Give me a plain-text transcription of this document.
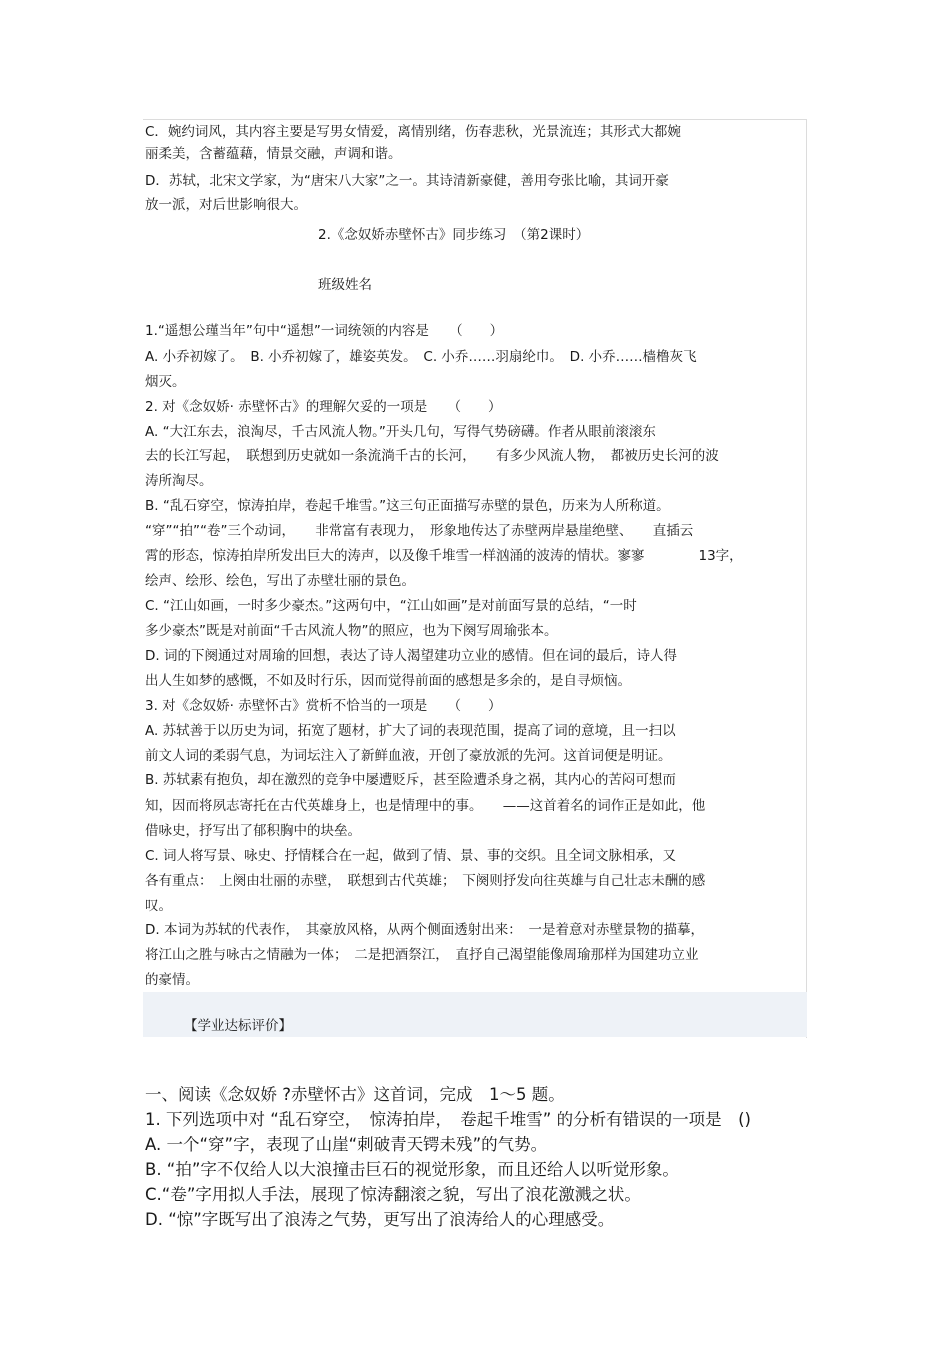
C．婉约词风，其内容主要是写男女情爱，离情别绪，伤春悲秋，光景流连；其形式大都婉
丽柔美，含蓄蕴藉，情景交融，声调和谐。
D．苏轼，北宋文学家，为“唐宋八大家”之一。其诗清新豪健，善用夸张比喻，其词开豪
放一派，对后世影响很大。
2.《念奴娇赤壁怀古》同步练习　（第2课时）
班级姓名
1.“遥想公瑾当年”句中“遥想”一词统领的内容是　　（　　）
A. 小乔初嫁了。　B. 小乔初嫁了，雄姿英发。　C. 小乔……羽扇纶巾。　D. 小乔……樯橹灰飞
烟灭。
2. 对《念奴娇· 赤壁怀古》的理解欠妥的一项是　　（　　）
A. “大江东去，浪淘尽，千古风流人物。”开头几句，写得气势磅礴。作者从眼前滚滚东
去的长江写起，　联想到历史就如一条流淌千古的长河，　　有多少风流人物，　都被历史长河的波
涛所淘尽。
B. “乱石穿空，惊涛拍岸，卷起千堆雪。”这三句正面描写赤壁的景色，历来为人所称道。
“穿”“拍”“卷”三个动词，　　非常富有表现力，　形象地传达了赤壁两岸悬崖绝壁、　　直插云
霄的形态，惊涛拍岸所发出巨大的涛声，以及像千堆雪一样汹涌的波涛的情状。寥寥　　　　13字，
绘声、绘形、绘色，写出了赤壁壮丽的景色。
C. “江山如画，一时多少豪杰。”这两句中，“江山如画”是对前面写景的总结，“一时
多少豪杰”既是对前面“千古风流人物”的照应，也为下阕写周瑜张本。
D. 词的下阕通过对周瑜的回想，表达了诗人渴望建功立业的感情。但在词的最后，诗人得
出人生如梦的感慨，不如及时行乐，因而觉得前面的感想是多余的，是自寻烦恼。
3. 对《念奴娇· 赤壁怀古》赏析不恰当的一项是　　（　　）
A. 苏轼善于以历史为词，拓宽了题材，扩大了词的表现范围，提高了词的意境，且一扫以
前文人词的柔弱气息，为词坛注入了新鲜血液，开创了豪放派的先河。这首词便是明证。
B. 苏轼素有抱负，却在激烈的竞争中屡遭贬斥，甚至险遭杀身之祸，其内心的苦闷可想而
知，因而将夙志寄托在古代英雄身上，也是情理中的事。　　——这首着名的词作正是如此，他
借咏史，抒写出了郁积胸中的块垒。
C. 词人将写景、咏史、抒情糅合在一起，做到了情、景、事的交织。且全词文脉相承，又
各有重点：　上阕由壮丽的赤壁，　联想到古代英雄；　下阕则抒发向往英雄与自己壮志未酬的感
叹。
D. 本词为苏轼的代表作，　其豪放风格，从两个侧面透射出来：　一是着意对赤壁景物的描摹，
将江山之胜与咏古之情融为一体；　二是把酒祭江，　直抒自己渴望能像周瑜那样为国建功立业
的豪情。
【学业达标评价】
一、阅读《念奴娇 ?赤壁怀古》这首词，完成　1～5 题。
1. 下列选项中对 “乱石穿空，　惊涛拍岸，　卷起千堆雪” 的分析有错误的一项是　()
A. 一个“穿”字，表现了山崖“刺破青天锷未残”的气势。
B. “拍”字不仅给人以大浪撞击巨石的视觉形象，而且还给人以听觉形象。
C.“卷”字用拟人手法，展现了惊涛翻滚之貌，写出了浪花激溅之状。
D. “惊”字既写出了浪涛之气势，更写出了浪涛给人的心理感受。
